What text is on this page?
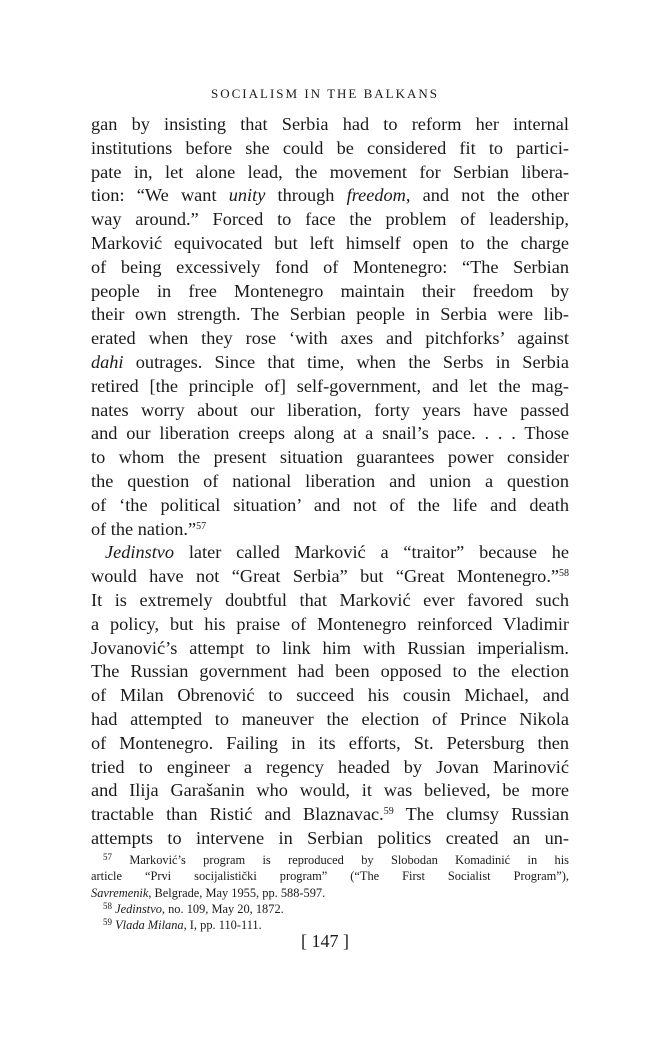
SOCIALISM IN THE BALKANS
gan by insisting that Serbia had to reform her internal
institutions before she could be considered fit to partici-
pate in, let alone lead, the movement for Serbian libera-
tion: “We want unity through freedom, and not the other
way around.” Forced to face the problem of leadership,
Marković equivocated but left himself open to the charge
of being excessively fond of Montenegro: “The Serbian
people in free Montenegro maintain their freedom by
their own strength. The Serbian people in Serbia were lib-
erated when they rose ‘with axes and pitchforks’ against
dahi outrages. Since that time, when the Serbs in Serbia
retired [the principle of] self-government, and let the mag-
nates worry about our liberation, forty years have passed
and our liberation creeps along at a snail’s pace. . . . Those
to whom the present situation guarantees power consider
the question of national liberation and union a question
of ‘the political situation’ and not of the life and death
of the nation.”$^{57}$
Jedinstvo later called Marković a “traitor” because he
would have not “Great Serbia” but “Great Montenegro.”$^{58}$
It is extremely doubtful that Marković ever favored such
a policy, but his praise of Montenegro reinforced Vladimir
Jovanović’s attempt to link him with Russian imperialism.
The Russian government had been opposed to the election
of Milan Obrenović to succeed his cousin Michael, and
had attempted to maneuver the election of Prince Nikola
of Montenegro. Failing in its efforts, St. Petersburg then
tried to engineer a regency headed by Jovan Marinović
and Ilija Garašanin who would, it was believed, be more
tractable than Ristić and Blaznavac.$^{59}$ The clumsy Russian
attempts to intervene in Serbian politics created an un-
$^{57}$ Marković’s program is reproduced by Slobodan Komadinić in his
article “Prvi socijalistički program” (“The First Socialist Program”),
Savremenik, Belgrade, May 1955, pp. 588-597.
$^{58}$ Jedinstvo, no. 109, May 20, 1872.
$^{59}$ Vlada Milana, I, pp. 110-111.
[ 147 ]
